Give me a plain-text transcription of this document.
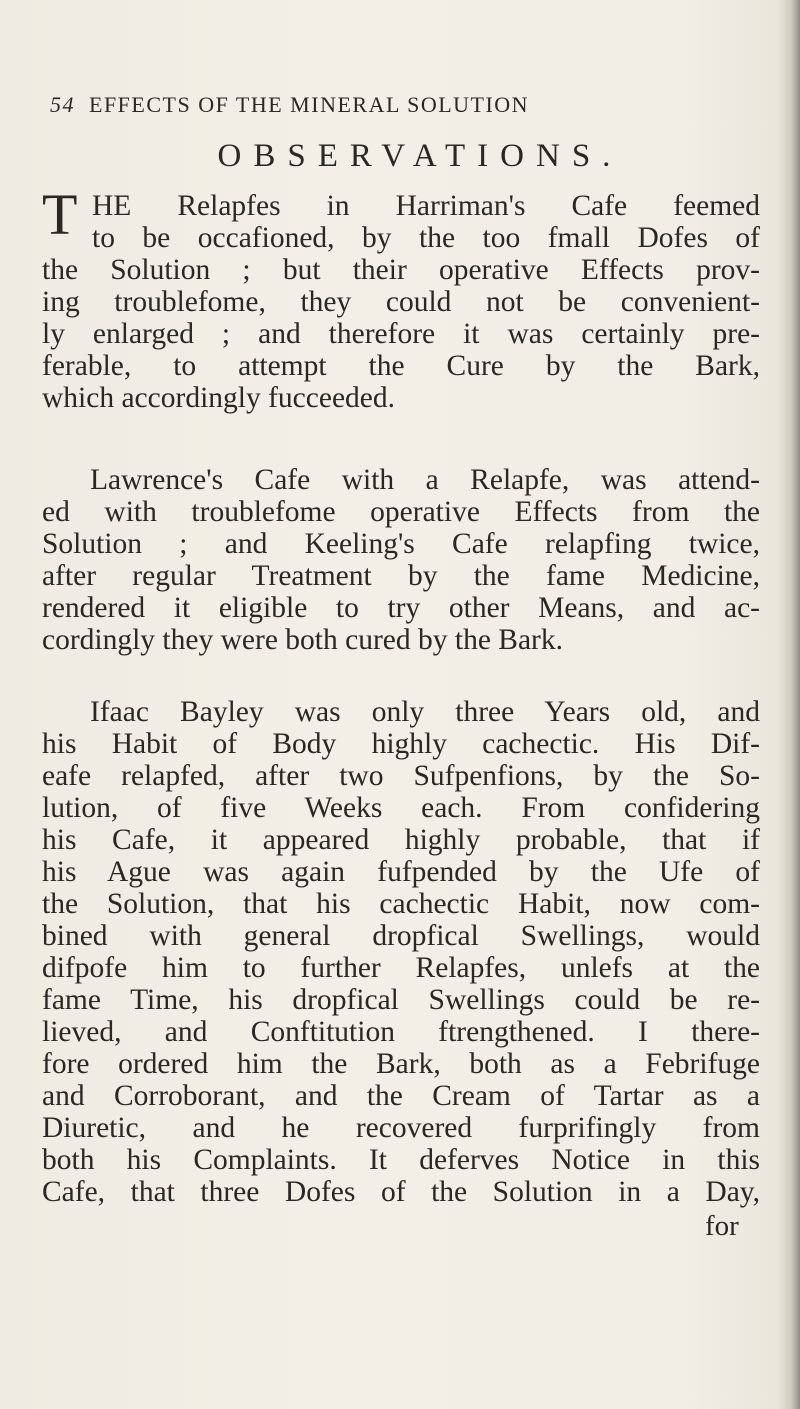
54 EFFECTS OF THE MINERAL SOLUTION
OBSERVATIONS.
T HE Relapfes in Harriman's Cafe feemed
to be occafioned, by the too fmall Dofes of
the Solution ; but their operative Effects prov-
ing troublefome, they could not be convenient-
ly enlarged ; and therefore it was certainly pre-
ferable, to attempt the Cure by the Bark,
which accordingly fucceeded.
Lawrence's Cafe with a Relapfe, was attend-
ed with troublefome operative Effects from the
Solution ; and Keeling's Cafe relapfing twice,
after regular Treatment by the fame Medicine,
rendered it eligible to try other Means, and ac-
cordingly they were both cured by the Bark.
Ifaac Bayley was only three Years old, and
his Habit of Body highly cachectic. His Dif-
eafe relapfed, after two Sufpenfions, by the So-
lution, of five Weeks each. From confidering
his Cafe, it appeared highly probable, that if
his Ague was again fufpended by the Ufe of
the Solution, that his cachectic Habit, now com-
bined with general dropfical Swellings, would
difpofe him to further Relapfes, unlefs at the
fame Time, his dropfical Swellings could be re-
lieved, and Conftitution ftrengthened. I there-
fore ordered him the Bark, both as a Febrifuge
and Corroborant, and the Cream of Tartar as a
Diuretic, and he recovered furprifingly from
both his Complaints. It deferves Notice in this
Cafe, that three Dofes of the Solution in a Day,
for
